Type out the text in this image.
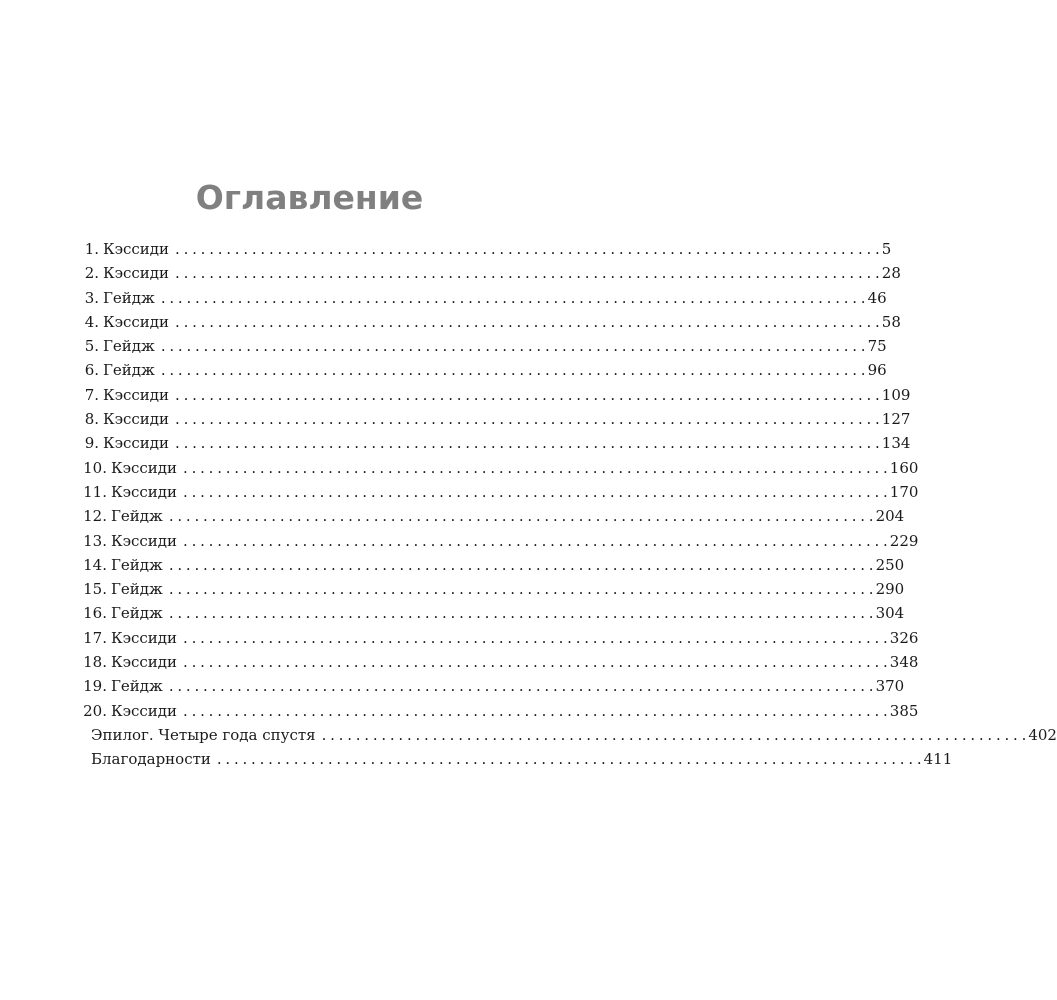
Оглавление
1. Кэссиди . . .	5
2. Кэссиди . . .	28
3. Гейдж . . .	46
4. Кэссиди . . .	58
5. Гейдж . . .	75
6. Гейдж . . .	96
7. Кэссиди . . .	109
8. Кэссиди . . .	127
9. Кэссиди . . .	134
10. Кэссиди . . .	160
11. Кэссиди . . .	170
12. Гейдж . . .	204
13. Кэссиди . . .	229
14. Гейдж . . .	250
15. Гейдж . . .	290
16. Гейдж . . .	304
17. Кэссиди . . .	326
18. Кэссиди . . .	348
19. Гейдж . . .	370
20. Кэссиди . . .	385
Эпилог. Четыре года спустя . . .	402
Благодарности . . .	411
